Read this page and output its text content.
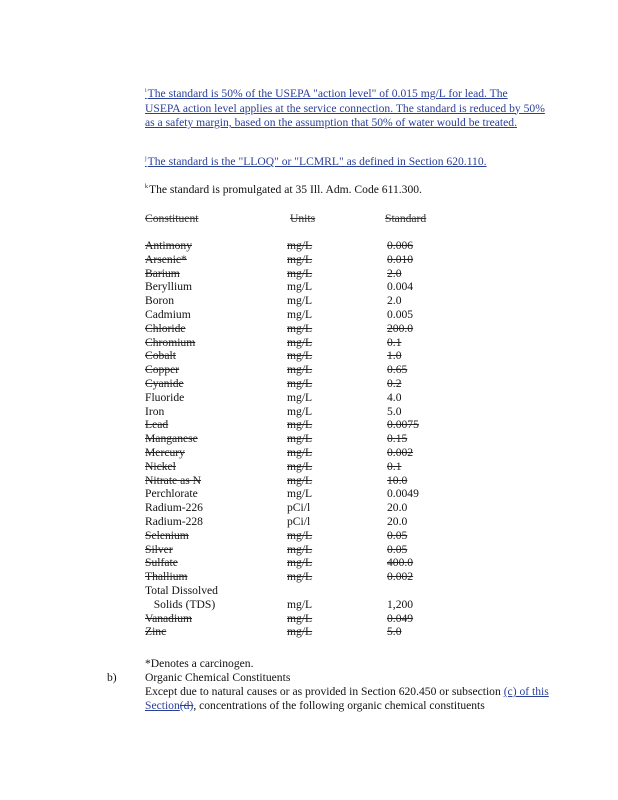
$^i$The standard is 50% of the USEPA "action level" of 0.015 mg/L for lead. The USEPA action level applies at the service connection. The standard is reduced by 50% as a safety margin, based on the assumption that 50% of water would be treated.
$^j$The standard is the "LLOQ" or "LCMRL" as defined in Section 620.110.
$^k$The standard is promulgated at 35 Ill. Adm. Code 611.300.
Constituent	Units	Standard
Antimony	mg/L	0.006
Arsenic*	mg/L	0.010
Barium	mg/L	2.0
Beryllium	mg/L	0.004
Boron	mg/L	2.0
Cadmium	mg/L	0.005
Chloride	mg/L	200.0
Chromium	mg/L	0.1
Cobalt	mg/L	1.0
Copper	mg/L	0.65
Cyanide	mg/L	0.2
Fluoride	mg/L	4.0
Iron	mg/L	5.0
Lead	mg/L	0.0075
Manganese	mg/L	0.15
Mercury	mg/L	0.002
Nickel	mg/L	0.1
Nitrate as N	mg/L	10.0
Perchlorate	mg/L	0.0049
Radium-226	pCi/l	20.0
Radium-228	pCi/l	20.0
Selenium	mg/L	0.05
Silver	mg/L	0.05
Sulfate	mg/L	400.0
Thallium	mg/L	0.002
Total Dissolved
Solids (TDS)	mg/L	1,200
Vanadium	mg/L	0.049
Zinc	mg/L	5.0
*Denotes a carcinogen.
b) Organic Chemical Constituents
Except due to natural causes or as provided in Section 620.450 or subsection (c) of this Section(d), concentrations of the following organic chemical constituents
